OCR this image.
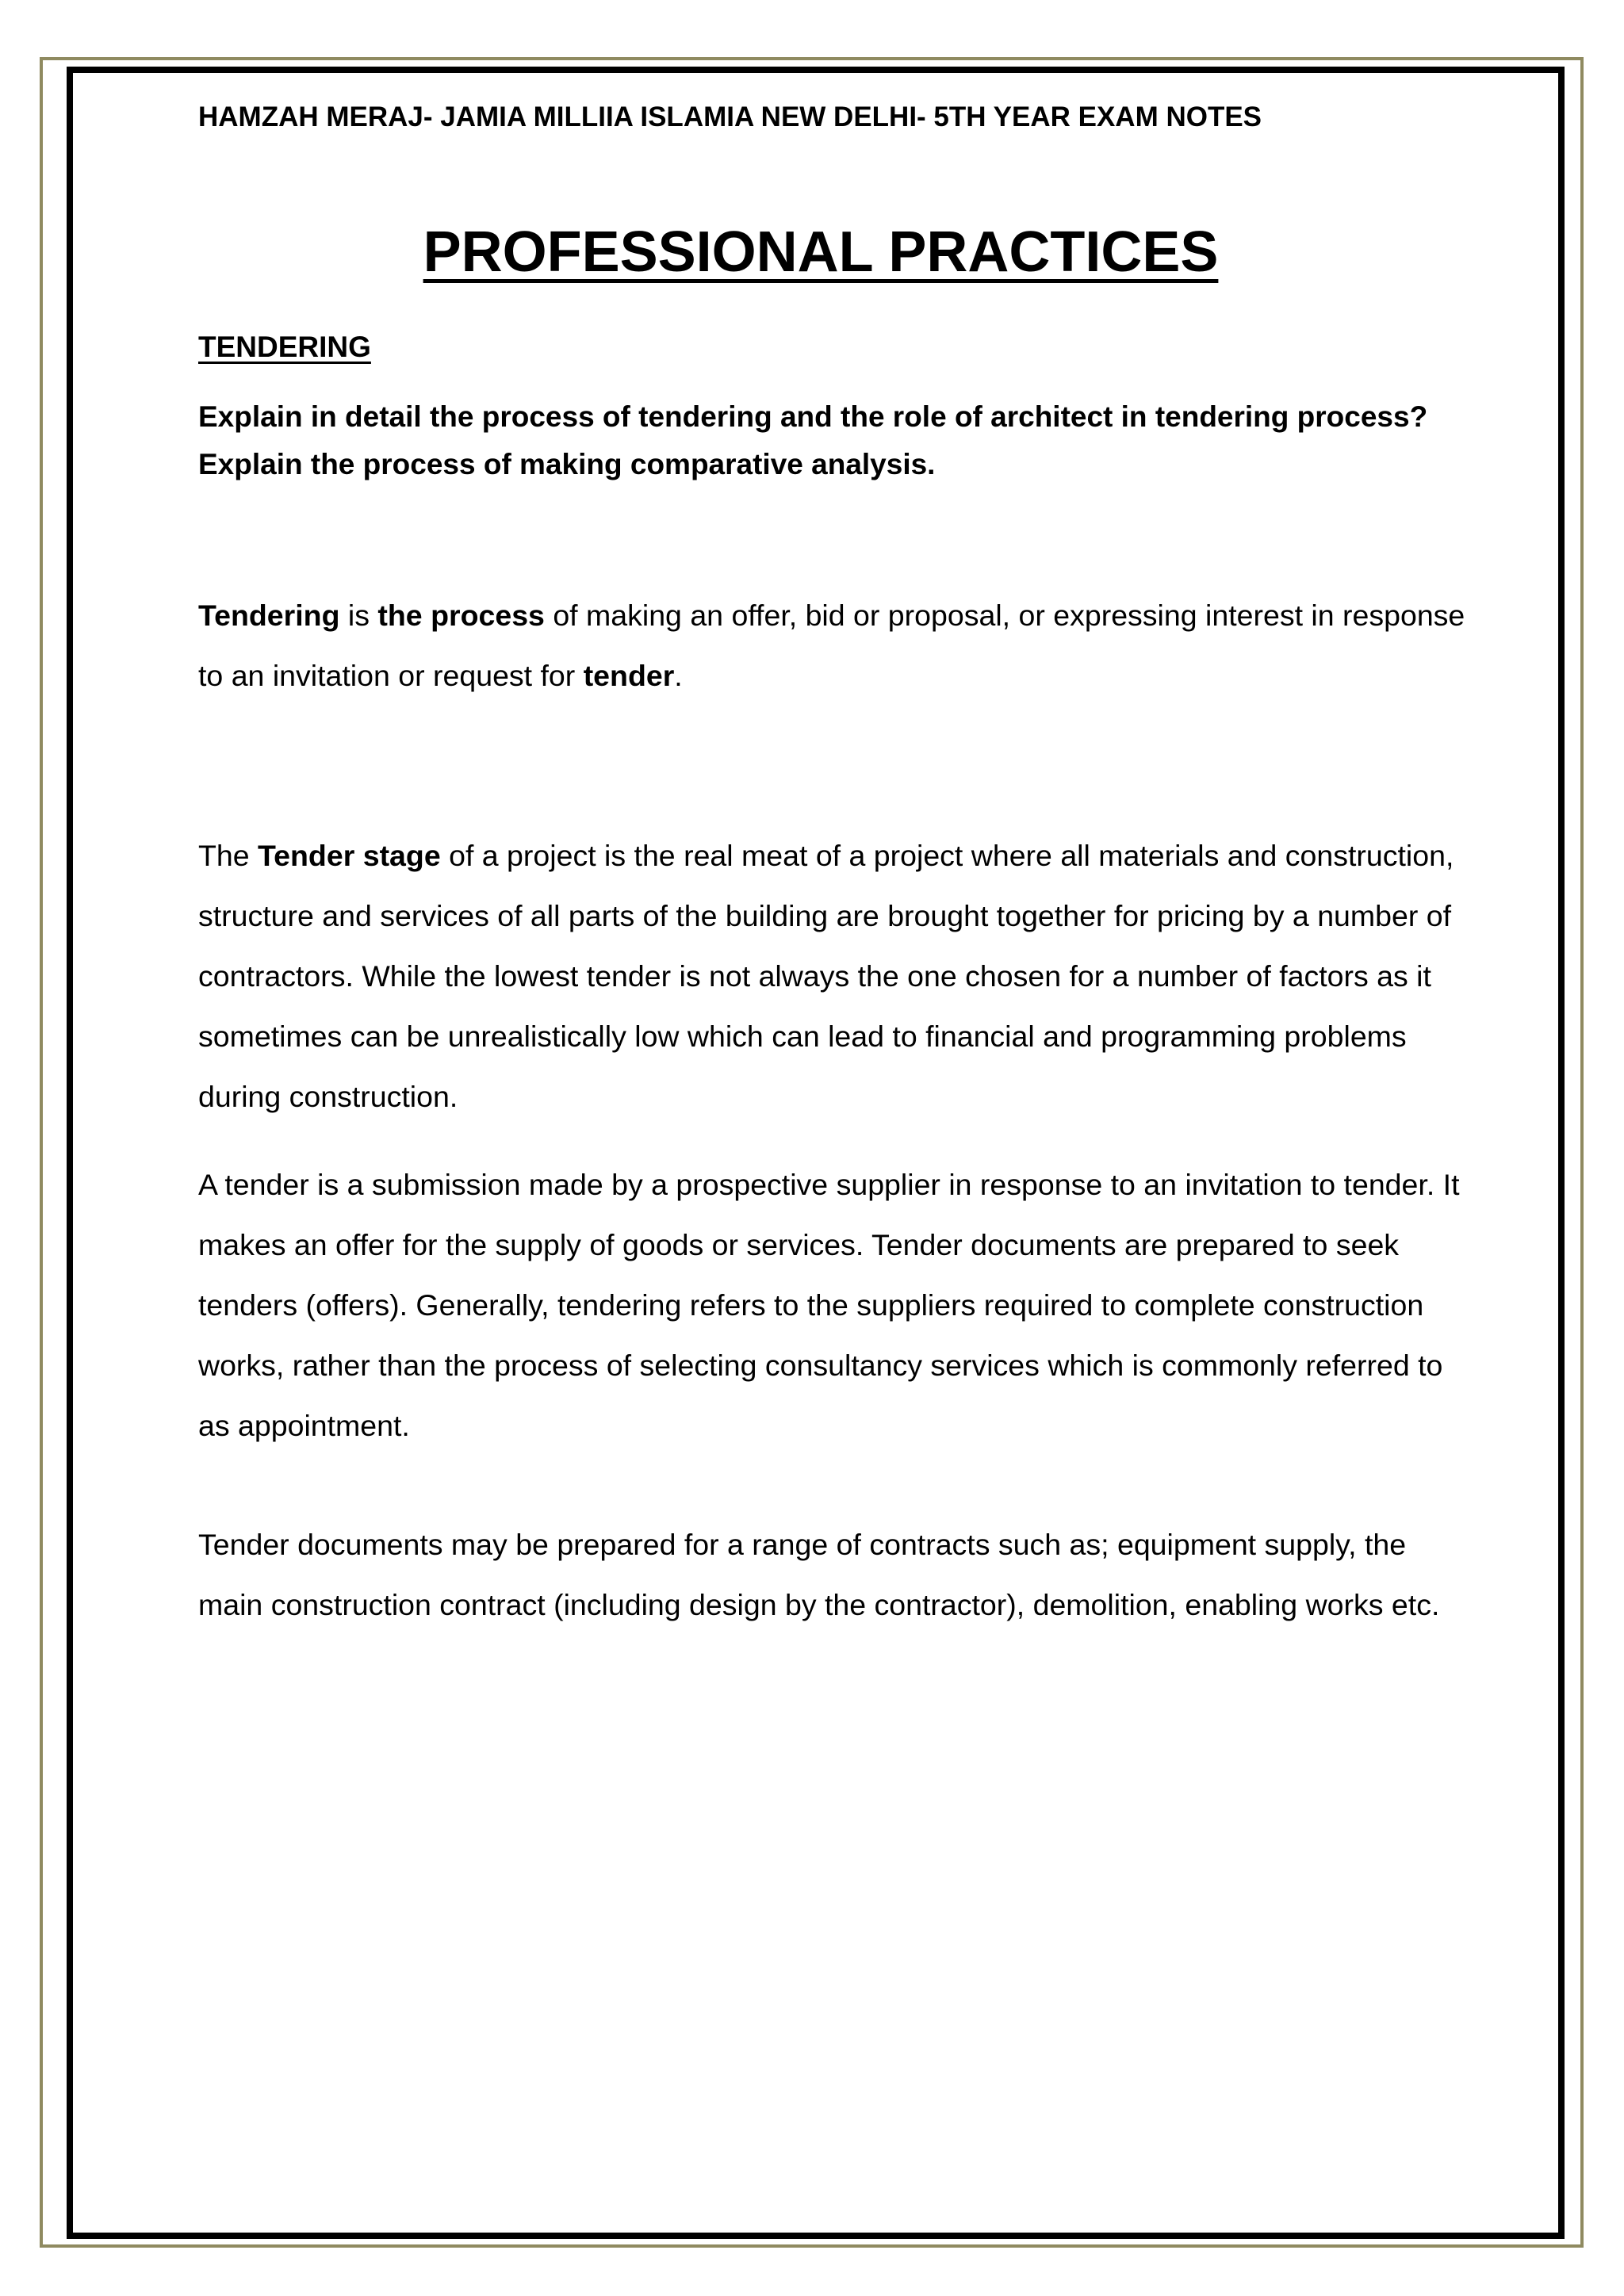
HAMZAH MERAJ- JAMIA MILLIIA ISLAMIA NEW DELHI- 5TH YEAR EXAM NOTES

PROFESSIONAL PRACTICES
TENDERING
Explain in detail the process of tendering and the role of architect in tendering process?
Explain the process of making comparative analysis.

Tendering is the process of making an offer, bid or proposal, or expressing interest in response to an invitation or request for tender.

The Tender stage of a project is the real meat of a project where all materials and construction, structure and services of all parts of the building are brought together for pricing by a number of contractors. While the lowest tender is not always the one chosen for a number of factors as it sometimes can be unrealistically low which can lead to financial and programming problems during construction.

A tender is a submission made by a prospective supplier in response to an invitation to tender. It makes an offer for the supply of goods or services. Tender documents are prepared to seek tenders (offers). Generally, tendering refers to the suppliers required to complete construction works, rather than the process of selecting consultancy services which is commonly referred to as appointment.

Tender documents may be prepared for a range of contracts such as; equipment supply, the main construction contract (including design by the contractor), demolition, enabling works etc.
